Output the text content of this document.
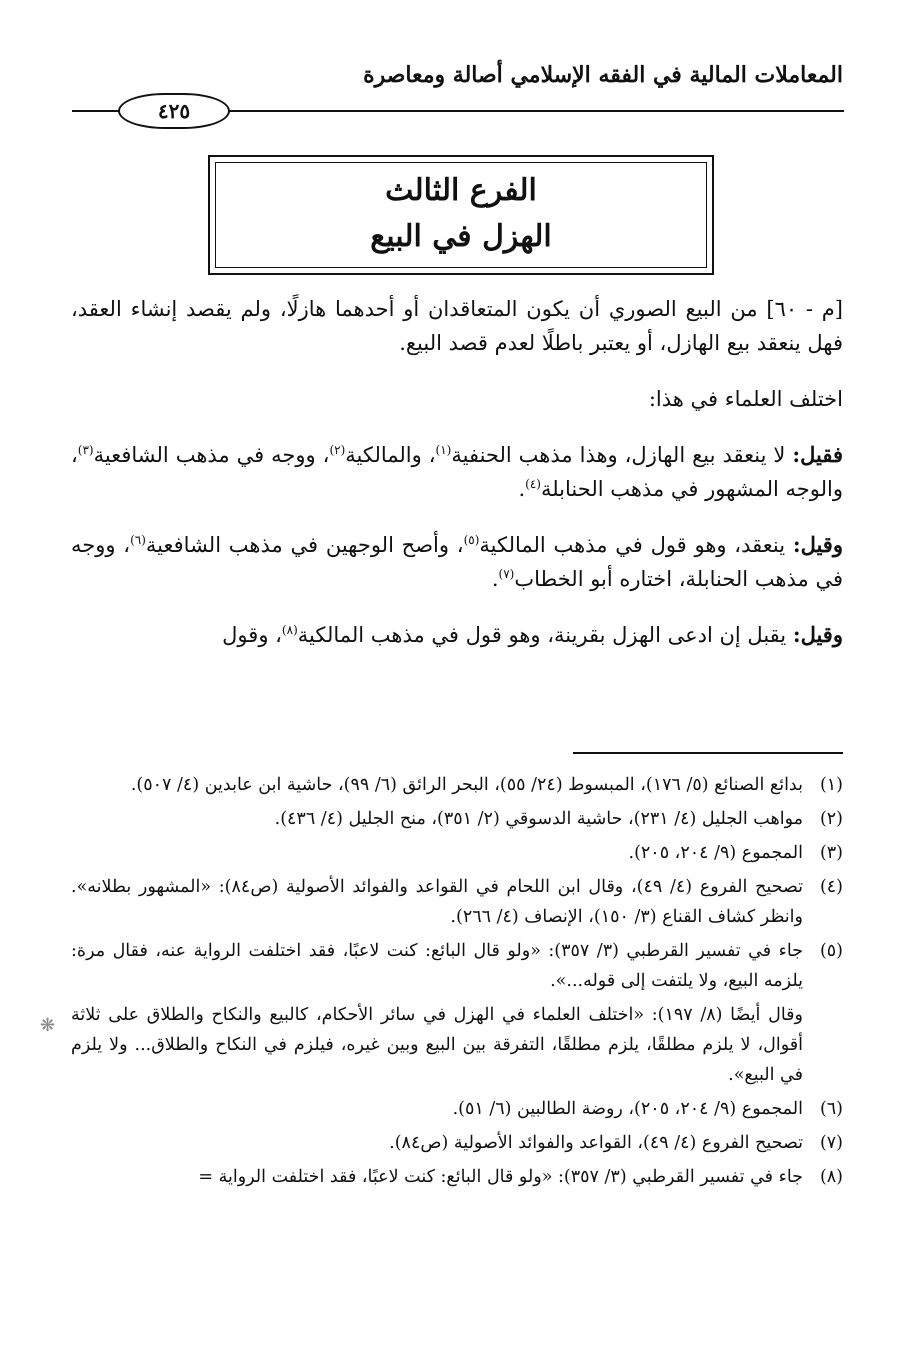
المعاملات المالية في الفقه الإسلامي أصالة ومعاصرة
٤٢٥
الفرع الثالث
الهزل في البيع

[م - ٦٠] من البيع الصوري أن يكون المتعاقدان أو أحدهما هازلًا، ولم يقصد إنشاء العقد، فهل ينعقد بيع الهازل، أو يعتبر باطلًا لعدم قصد البيع.

اختلف العلماء في هذا:

فقيل: لا ينعقد بيع الهازل، وهذا مذهب الحنفية$^{(١)}$، والمالكية$^{(٢)}$، ووجه في مذهب الشافعية$^{(٣)}$، والوجه المشهور في مذهب الحنابلة$^{(٤)}$.

وقيل: ينعقد، وهو قول في مذهب المالكية$^{(٥)}$، وأصح الوجهين في مذهب الشافعية$^{(٦)}$، ووجه في مذهب الحنابلة، اختاره أبو الخطاب$^{(٧)}$.

وقيل: يقبل إن ادعى الهزل بقرينة، وهو قول في مذهب المالكية$^{(٨)}$، وقول

(١)
بدائع الصنائع (٥/ ١٧٦)، المبسوط (٢٤/ ٥٥)، البحر الرائق (٦/ ٩٩)، حاشية ابن عابدين (٤/ ٥٠٧).
(٢)
مواهب الجليل (٤/ ٢٣١)، حاشية الدسوقي (٢/ ٣٥١)، منح الجليل (٤/ ٤٣٦).
(٣)
المجموع (٩/ ٢٠٤، ٢٠٥).
(٤)
تصحيح الفروع (٤/ ٤٩)، وقال ابن اللحام في القواعد والفوائد الأصولية (ص٨٤): «المشهور بطلانه». وانظر كشاف القناع (٣/ ١٥٠)، الإنصاف (٤/ ٢٦٦).
(٥)
جاء في تفسير القرطبي (٣/ ٣٥٧): «ولو قال البائع: كنت لاعبًا، فقد اختلفت الرواية عنه، فقال مرة: يلزمه البيع، ولا يلتفت إلى قوله...».
وقال أيضًا (٨/ ١٩٧): «اختلف العلماء في الهزل في سائر الأحكام، كالبيع والنكاح والطلاق على ثلاثة أقوال، لا يلزم مطلقًا، يلزم مطلقًا، التفرقة بين البيع وبين غيره، فيلزم في النكاح والطلاق... ولا يلزم في البيع».
(٦)
المجموع (٩/ ٢٠٤، ٢٠٥)، روضة الطالبين (٦/ ٥١).
(٧)
تصحيح الفروع (٤/ ٤٩)، القواعد والفوائد الأصولية (ص٨٤).
(٨)
جاء في تفسير القرطبي (٣/ ٣٥٧): «ولو قال البائع: كنت لاعبًا، فقد اختلفت الرواية =
❋
